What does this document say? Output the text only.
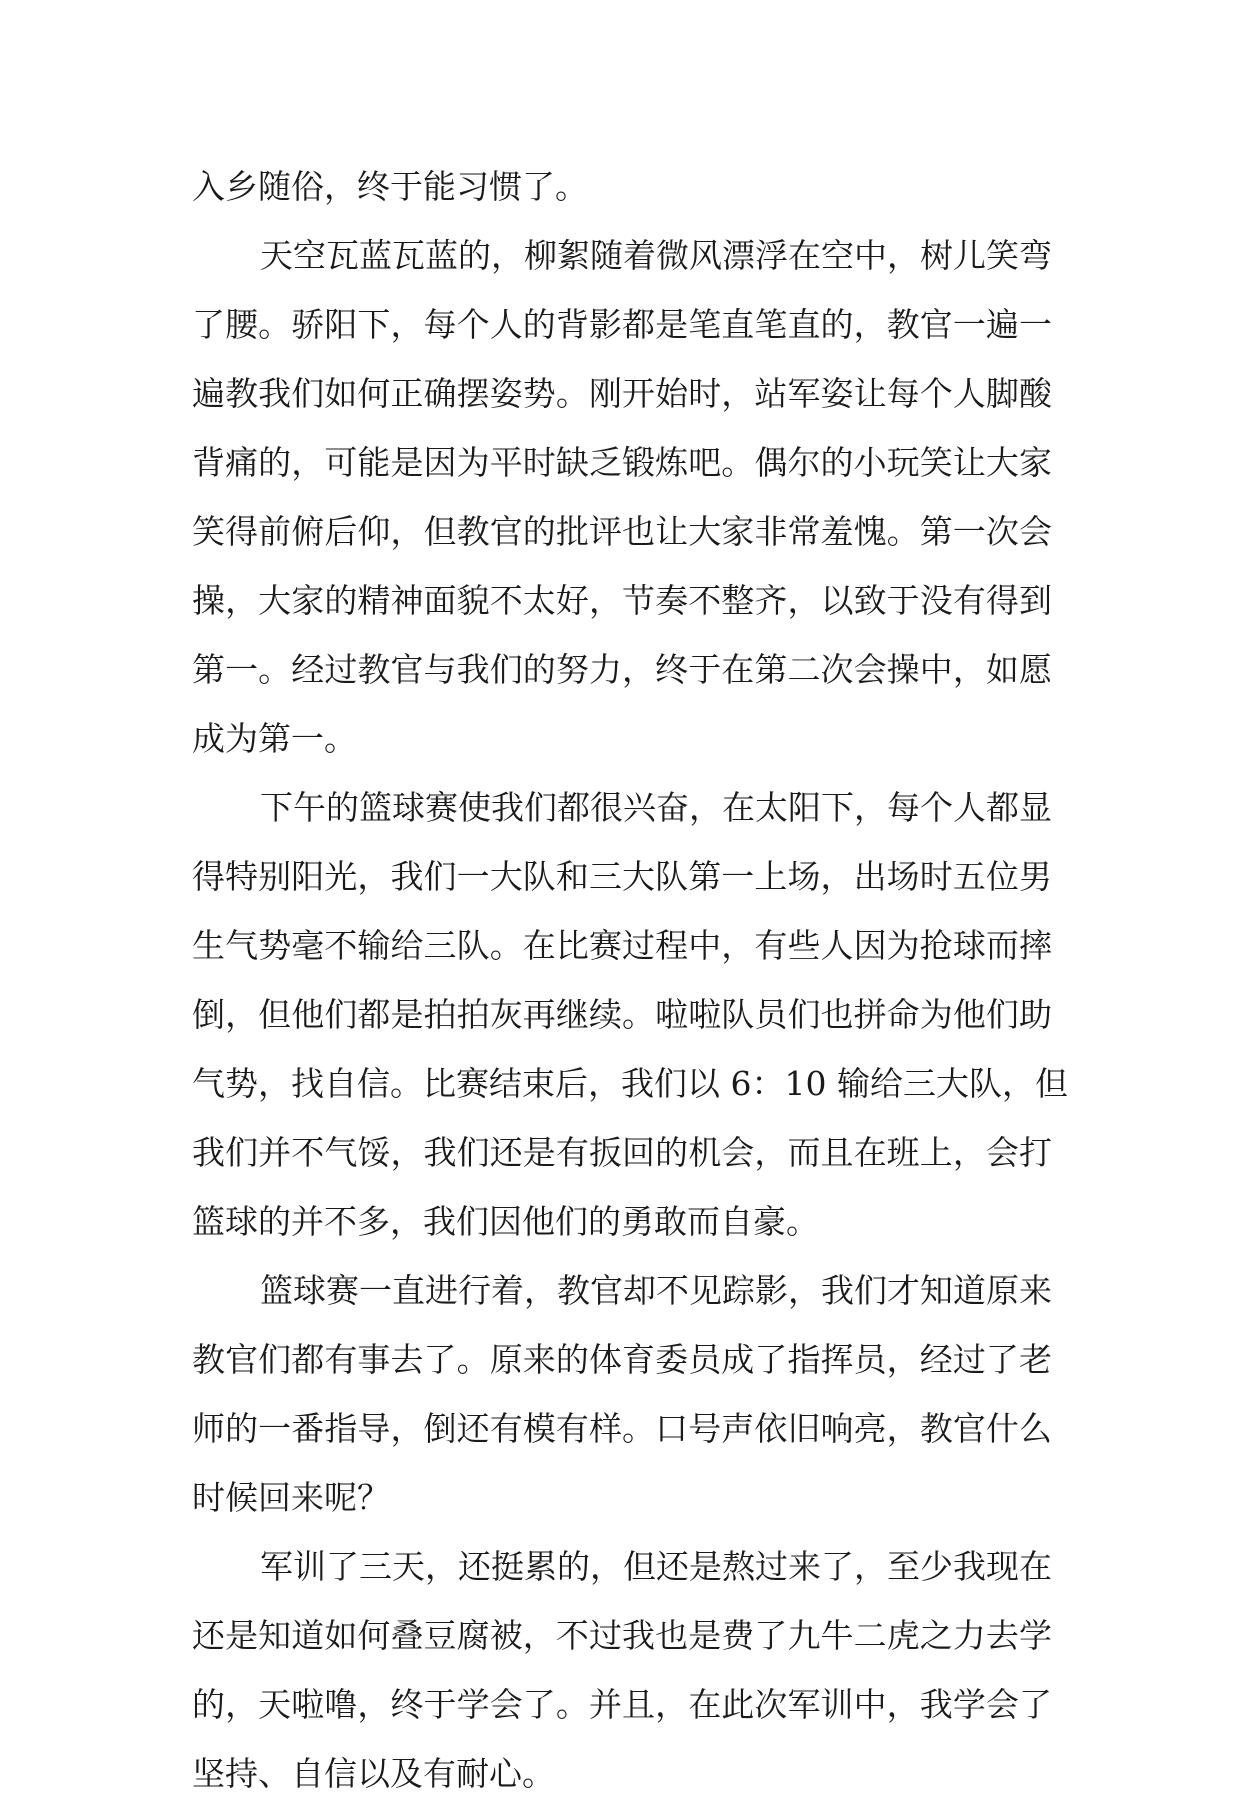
入乡随俗，终于能习惯了。
天空瓦蓝瓦蓝的，柳絮随着微风漂浮在空中，树儿笑弯
了腰。骄阳下，每个人的背影都是笔直笔直的，教官一遍一
遍教我们如何正确摆姿势。刚开始时，站军姿让每个人脚酸
背痛的，可能是因为平时缺乏锻炼吧。偶尔的小玩笑让大家
笑得前俯后仰，但教官的批评也让大家非常羞愧。第一次会
操，大家的精神面貌不太好，节奏不整齐，以致于没有得到
第一。经过教官与我们的努力，终于在第二次会操中，如愿
成为第一。
下午的篮球赛使我们都很兴奋，在太阳下，每个人都显
得特别阳光，我们一大队和三大队第一上场，出场时五位男
生气势毫不输给三队。在比赛过程中，有些人因为抢球而摔
倒，但他们都是拍拍灰再继续。啦啦队员们也拼命为他们助
气势，找自信。比赛结束后，我们以 6：10 输给三大队，但
我们并不气馁，我们还是有扳回的机会，而且在班上，会打
篮球的并不多，我们因他们的勇敢而自豪。
篮球赛一直进行着，教官却不见踪影，我们才知道原来
教官们都有事去了。原来的体育委员成了指挥员，经过了老
师的一番指导，倒还有模有样。口号声依旧响亮，教官什么
时候回来呢？
军训了三天，还挺累的，但还是熬过来了，至少我现在
还是知道如何叠豆腐被，不过我也是费了九牛二虎之力去学
的，天啦噜，终于学会了。并且，在此次军训中，我学会了
坚持、自信以及有耐心。
